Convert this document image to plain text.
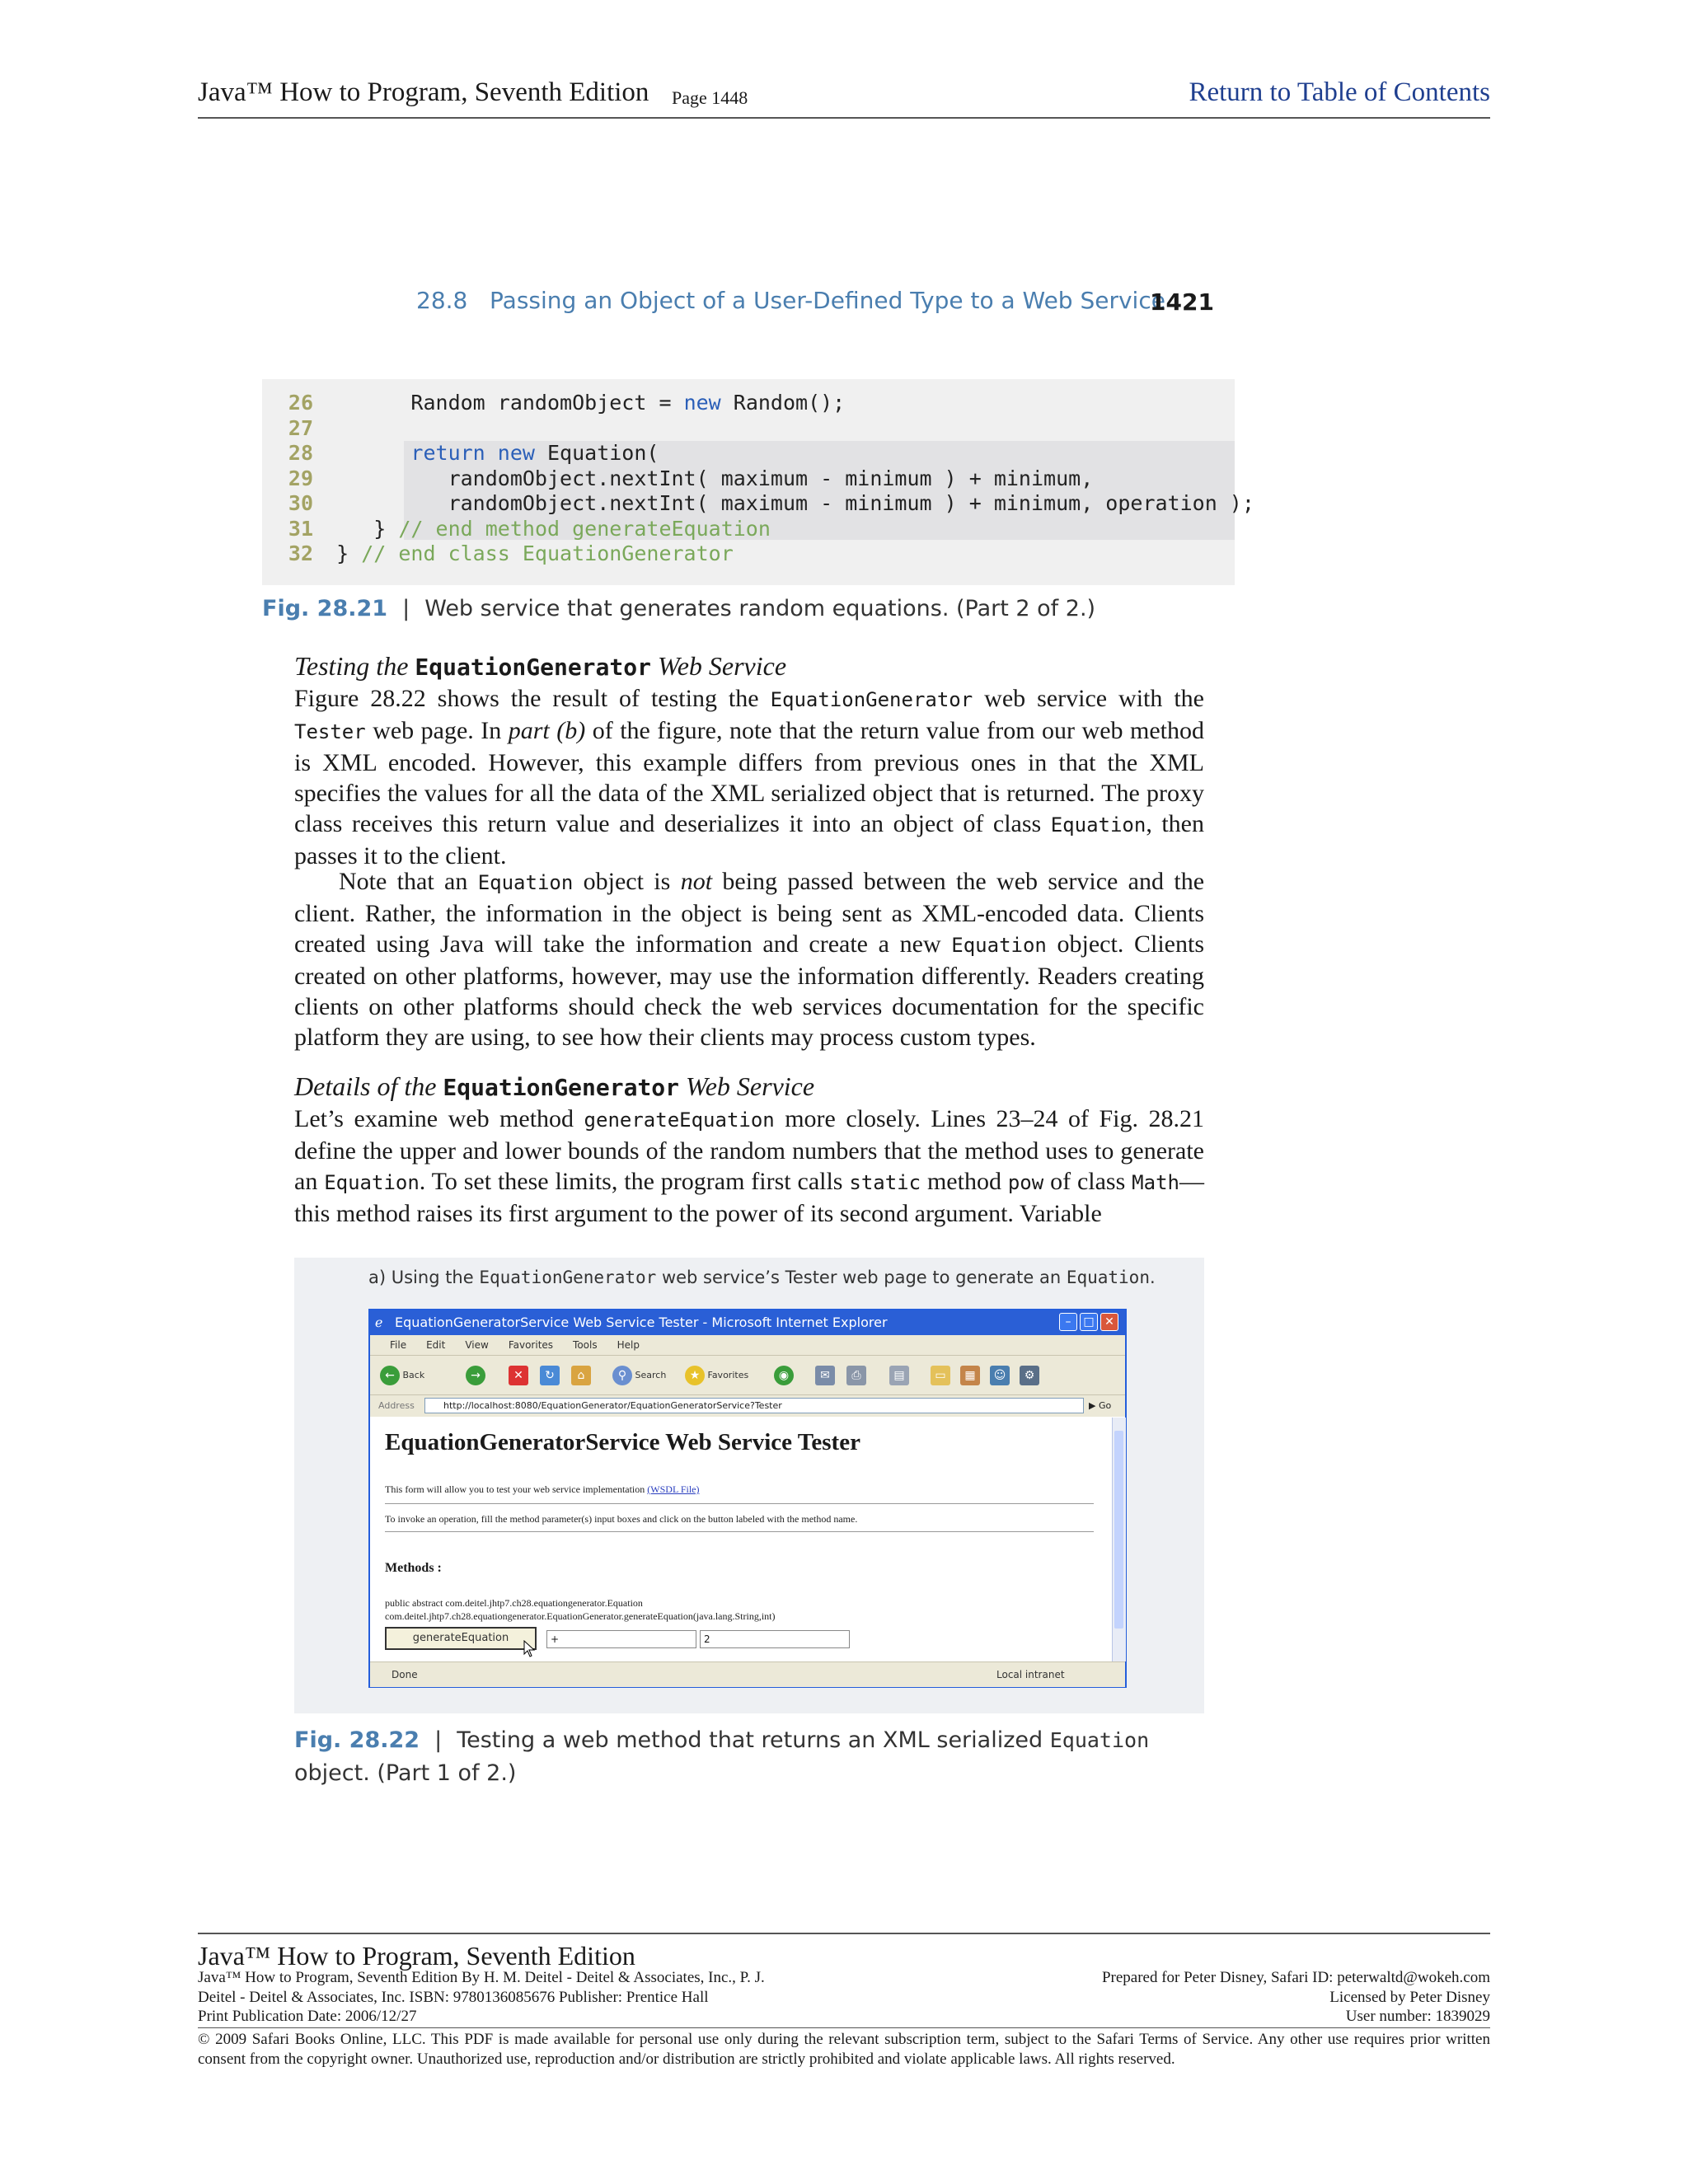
Java™ How to Program, Seventh Edition Page 1448	Return to Table of Contents
28.8   Passing an Object of a User-Defined Type to a Web Service
1421
26	Random randomObject = new Random();
27
28	return new Equation(
29	randomObject.nextInt( maximum - minimum ) + minimum,
30	randomObject.nextInt( maximum - minimum ) + minimum, operation );
31	} // end method generateEquation
32	} // end class EquationGenerator
Fig. 28.21 | Web service that generates random equations. (Part 2 of 2.)
Testing the EquationGenerator Web Service
Figure 28.22 shows the result of testing the EquationGenerator web service with the Tester web page. In part (b) of the figure, note that the return value from our web method is XML encoded. However, this example differs from previous ones in that the XML specifies the values for all the data of the XML serialized object that is returned. The proxy class receives this return value and deserializes it into an object of class Equation, then passes it to the client.
Note that an Equation object is not being passed between the web service and the client. Rather, the information in the object is being sent as XML-encoded data. Clients created using Java will take the information and create a new Equation object. Clients created on other platforms, however, may use the information differently. Readers creating clients on other platforms should check the web services documentation for the specific platform they are using, to see how their clients may process custom types.
Details of the EquationGenerator Web Service
Let’s examine web method generateEquation more closely. Lines 23–24 of Fig. 28.21 define the upper and lower bounds of the random numbers that the method uses to generate an Equation. To set these limits, the program first calls static method pow of class Math—this method raises its first argument to the power of its second argument. Variable
a) Using the EquationGenerator web service’s Tester web page to generate an Equation.
ℯ EquationGeneratorService Web Service Tester - Microsoft Internet Explorer	–	□ ✕
File Edit View Favorites Tools Help
← Back	→	✕	↻	⌂	⚲ Search	★ Favorites	◉	✉	⎙	▤	▭	▦	☺	⚙
Address	http://localhost:8080/EquationGenerator/EquationGeneratorService?Tester	▶ Go
EquationGeneratorService Web Service Tester
This form will allow you to test your web service implementation (WSDL File)
To invoke an operation, fill the method parameter(s) input boxes and click on the button labeled with the method name.
Methods :
public abstract com.deitel.jhtp7.ch28.equationgenerator.Equation
com.deitel.jhtp7.ch28.equationgenerator.EquationGenerator.generateEquation(java.lang.String,int)
generateEquation	+	2
Done	Local intranet
Fig. 28.22 | Testing a web method that returns an XML serialized Equation object. (Part 1 of 2.)
Java™ How to Program, Seventh Edition
Java™ How to Program, Seventh Edition By H. M. Deitel - Deitel & Associates, Inc., P. J.	Prepared for Peter Disney, Safari ID: peterwaltd@wokeh.com
Deitel - Deitel & Associates, Inc. ISBN: 9780136085676 Publisher: Prentice Hall	Licensed by Peter Disney
Print Publication Date: 2006/12/27	User number: 1839029
© 2009 Safari Books Online, LLC. This PDF is made available for personal use only during the relevant subscription term, subject to the Safari Terms of Service. Any other use requires prior written consent from the copyright owner. Unauthorized use, reproduction and/or distribution are strictly prohibited and violate applicable laws. All rights reserved.
